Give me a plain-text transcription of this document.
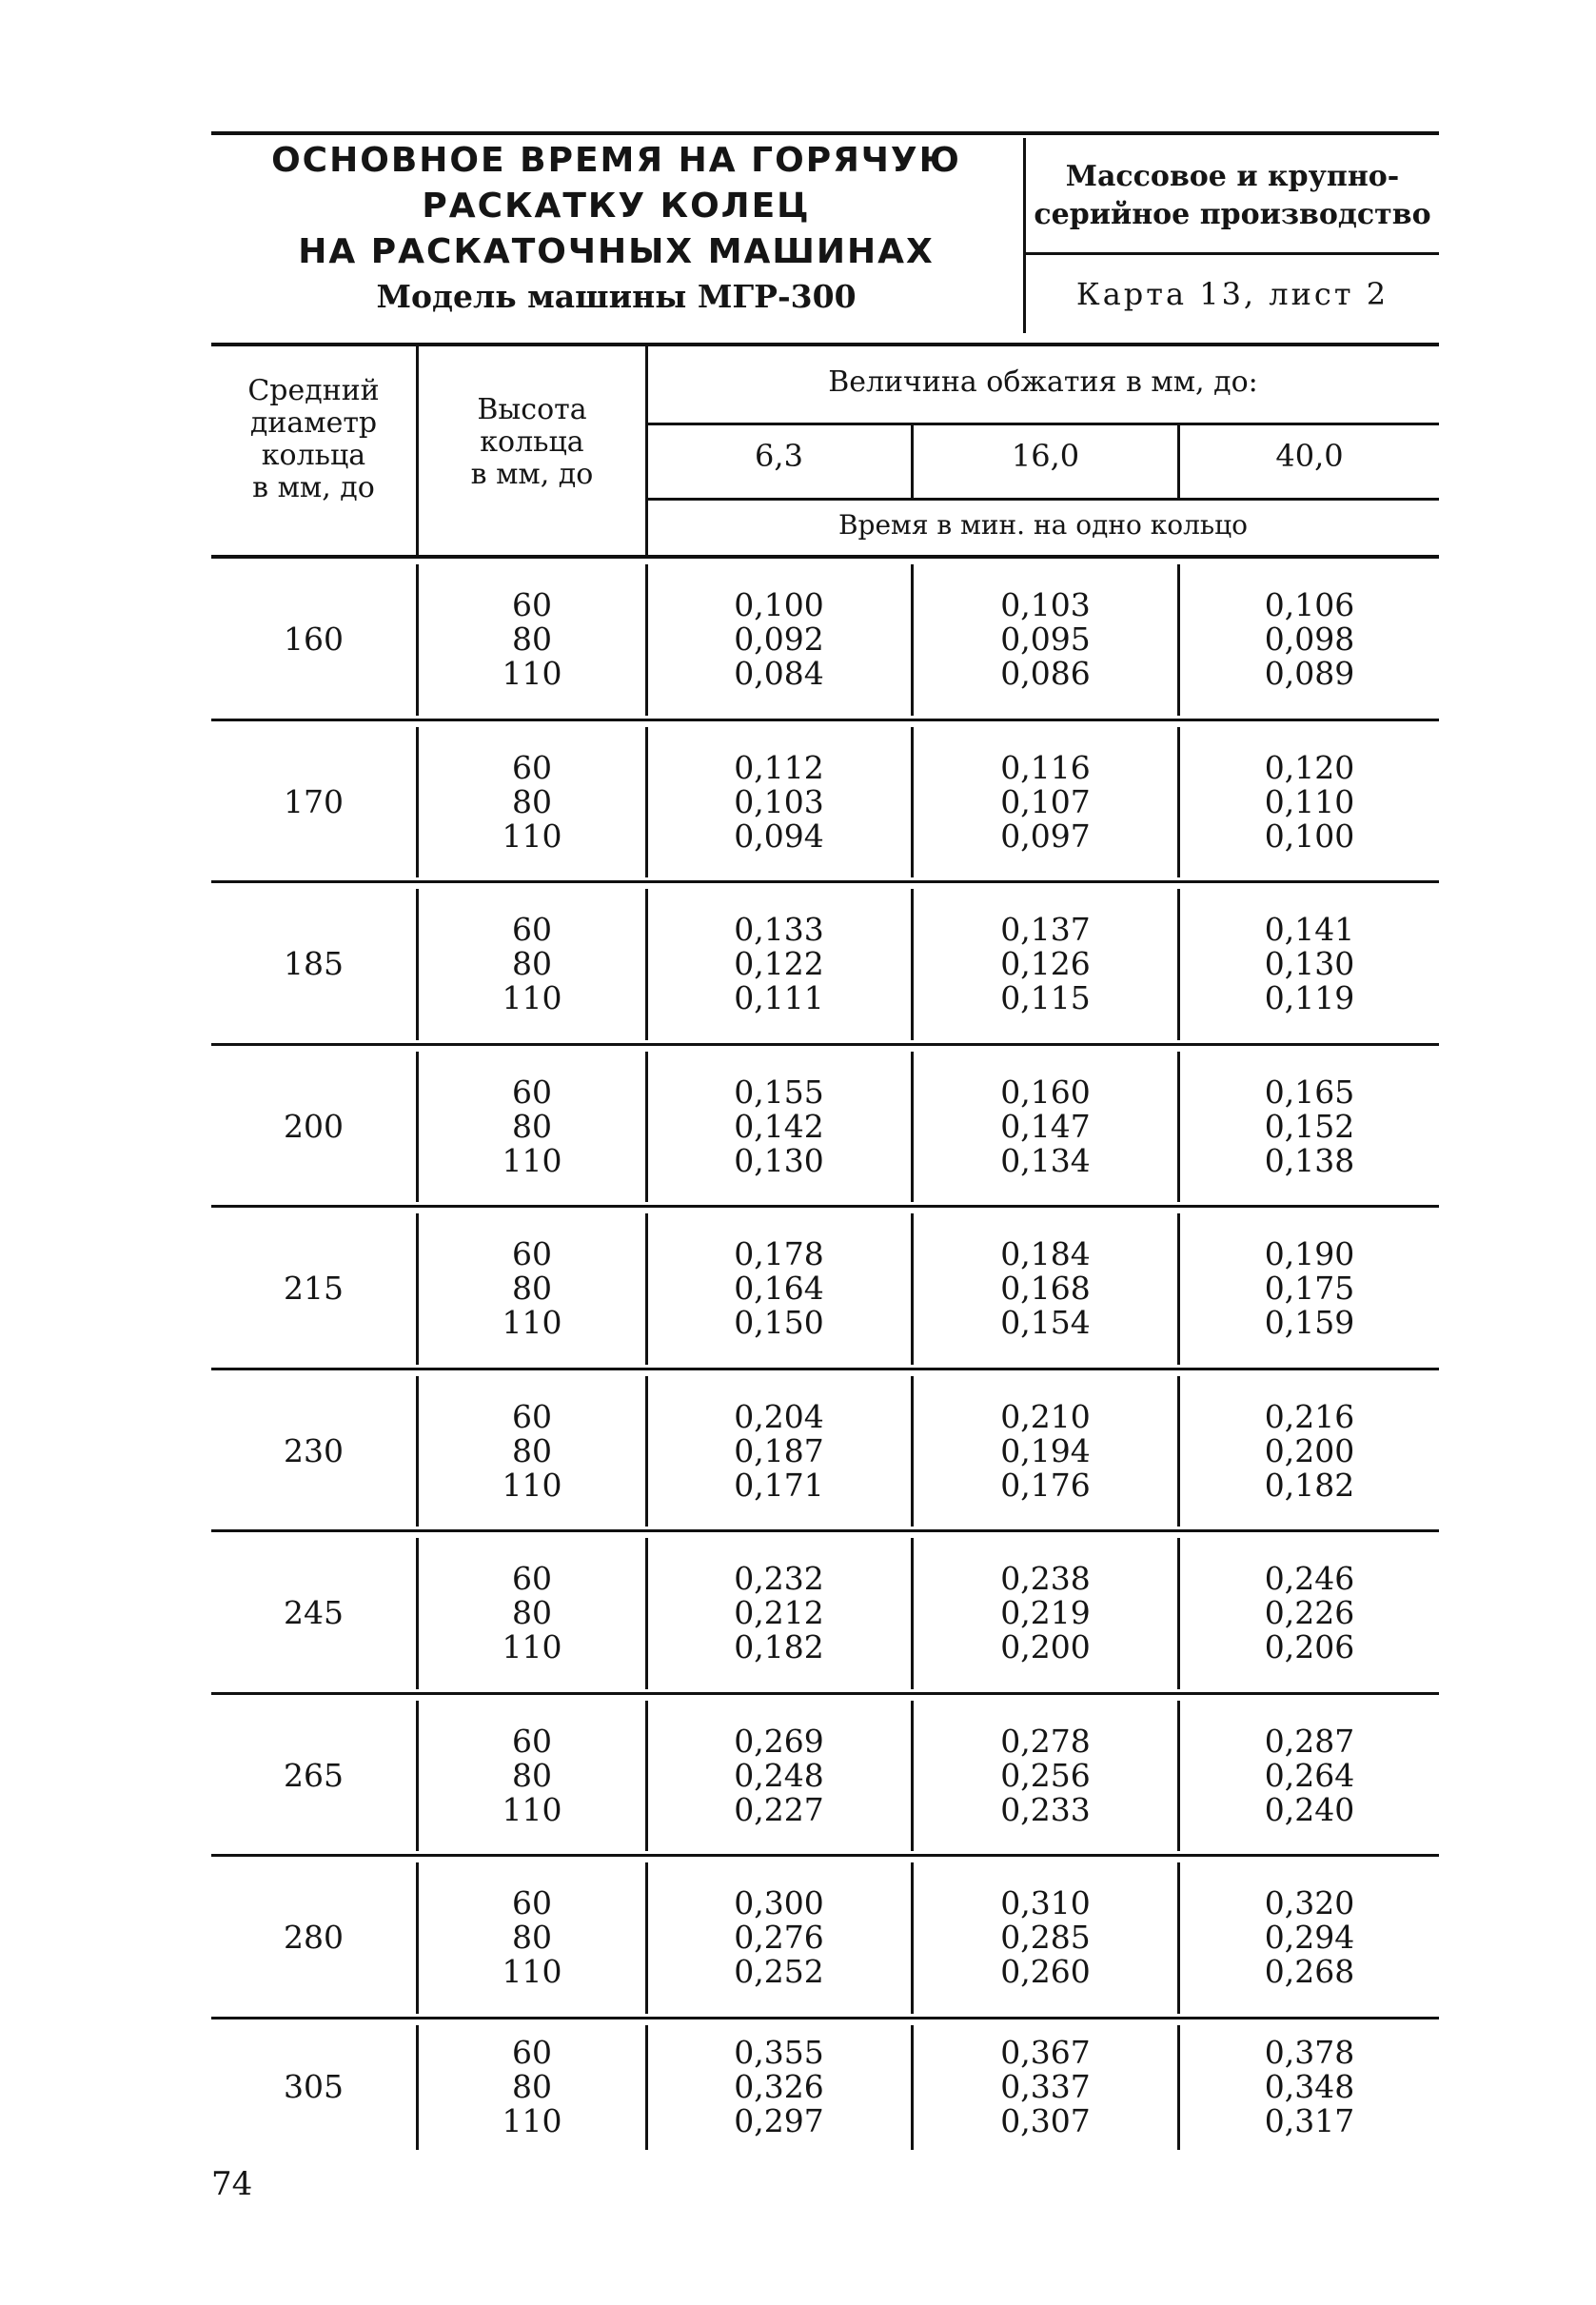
ОСНОВНОЕ ВРЕМЯ НА ГОРЯЧУЮ
РАСКАТКУ КОЛЕЦ
НА РАСКАТОЧНЫХ МАШИНАХ
Модель машины МГР-300
Массовое и крупно-
серийное производство
Карта 13, лист 2
Средний
диаметр
кольца
в мм, до
Высота
кольца
в мм, до
Величина обжатия в мм, до:
6,3	16,0	40,0
Время в мин. на одно кольцо
160
60
80
110
0,100
0,092
0,084
0,103
0,095
0,086
0,106
0,098
0,089
170
60
80
110
0,112
0,103
0,094
0,116
0,107
0,097
0,120
0,110
0,100
185
60
80
110
0,133
0,122
0,111
0,137
0,126
0,115
0,141
0,130
0,119
200
60
80
110
0,155
0,142
0,130
0,160
0,147
0,134
0,165
0,152
0,138
215
60
80
110
0,178
0,164
0,150
0,184
0,168
0,154
0,190
0,175
0,159
230
60
80
110
0,204
0,187
0,171
0,210
0,194
0,176
0,216
0,200
0,182
245
60
80
110
0,232
0,212
0,182
0,238
0,219
0,200
0,246
0,226
0,206
265
60
80
110
0,269
0,248
0,227
0,278
0,256
0,233
0,287
0,264
0,240
280
60
80
110
0,300
0,276
0,252
0,310
0,285
0,260
0,320
0,294
0,268
305
60
80
110
0,355
0,326
0,297
0,367
0,337
0,307
0,378
0,348
0,317
74
